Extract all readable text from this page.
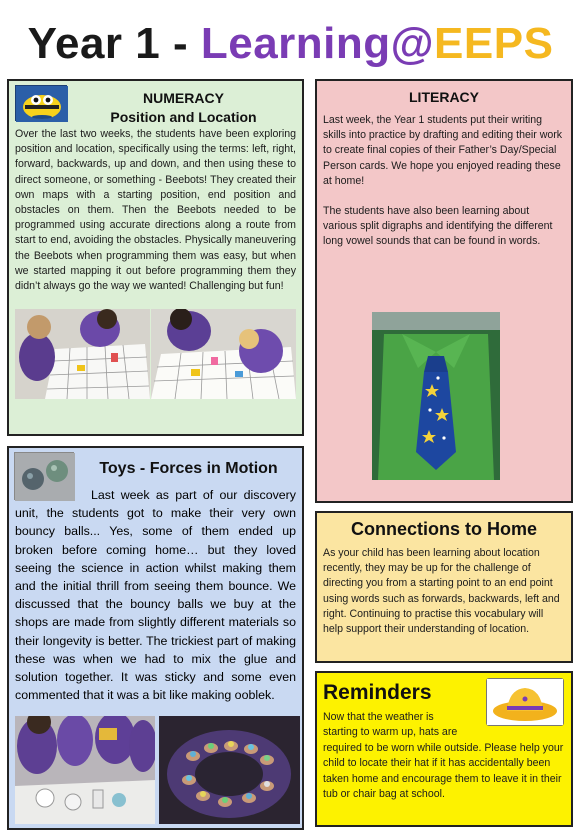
Year 1 - Learning@EEPS
NUMERACY
Position and Location
Over the last two weeks, the students have been exploring position and location, specifically using the terms: left, right, forward, backwards, up and down, and then using these to direct someone, or something - Beebots! They created their own maps with a starting position, end position and obstacles on them. Then the Beebots needed to be programmed using accurate directions along a route from start to end, avoiding the obstacles. Physically maneuvering the Beebots when programming them was easy, but when we started mapping it out before programming them they didn’t always go the way we wanted! Challenging but fun!
LITERACY

Last week, the Year 1 students put their writing skills into practice by drafting and editing their work to create final copies of their Father’s Day/Special Person cards. We hope you enjoyed reading these at home!

The students have also been learning about various split digraphs and identifying the different long vowel sounds that can be found in words.

Toys - Forces in Motion
Last week as part of our discovery unit, the students got to make their very own bouncy balls... Yes, some of them ended up broken before coming home… but they loved seeing the science in action whilst making them and the initial thrill from seeing them bounce. We discussed that the bouncy balls we buy at the shops are made from slightly different materials so their longevity is better. The trickiest part of making these was when we had to mix the glue and solution together. It was sticky and some even commented that it was a bit like making ooblek.
Connections to Home
As your child has been learning about location recently, they may be up for the challenge of directing you from a starting point to an end point using words such as forwards, backwards, left and right. Continuing to practise this vocabulary will help support their understanding of location.
Reminders
Now that the weather is
starting to warm up, hats are
required to be worn while outside. Please help your child to locate their hat if it has accidentally been taken home and encourage them to leave it in their tub or chair bag at school.
